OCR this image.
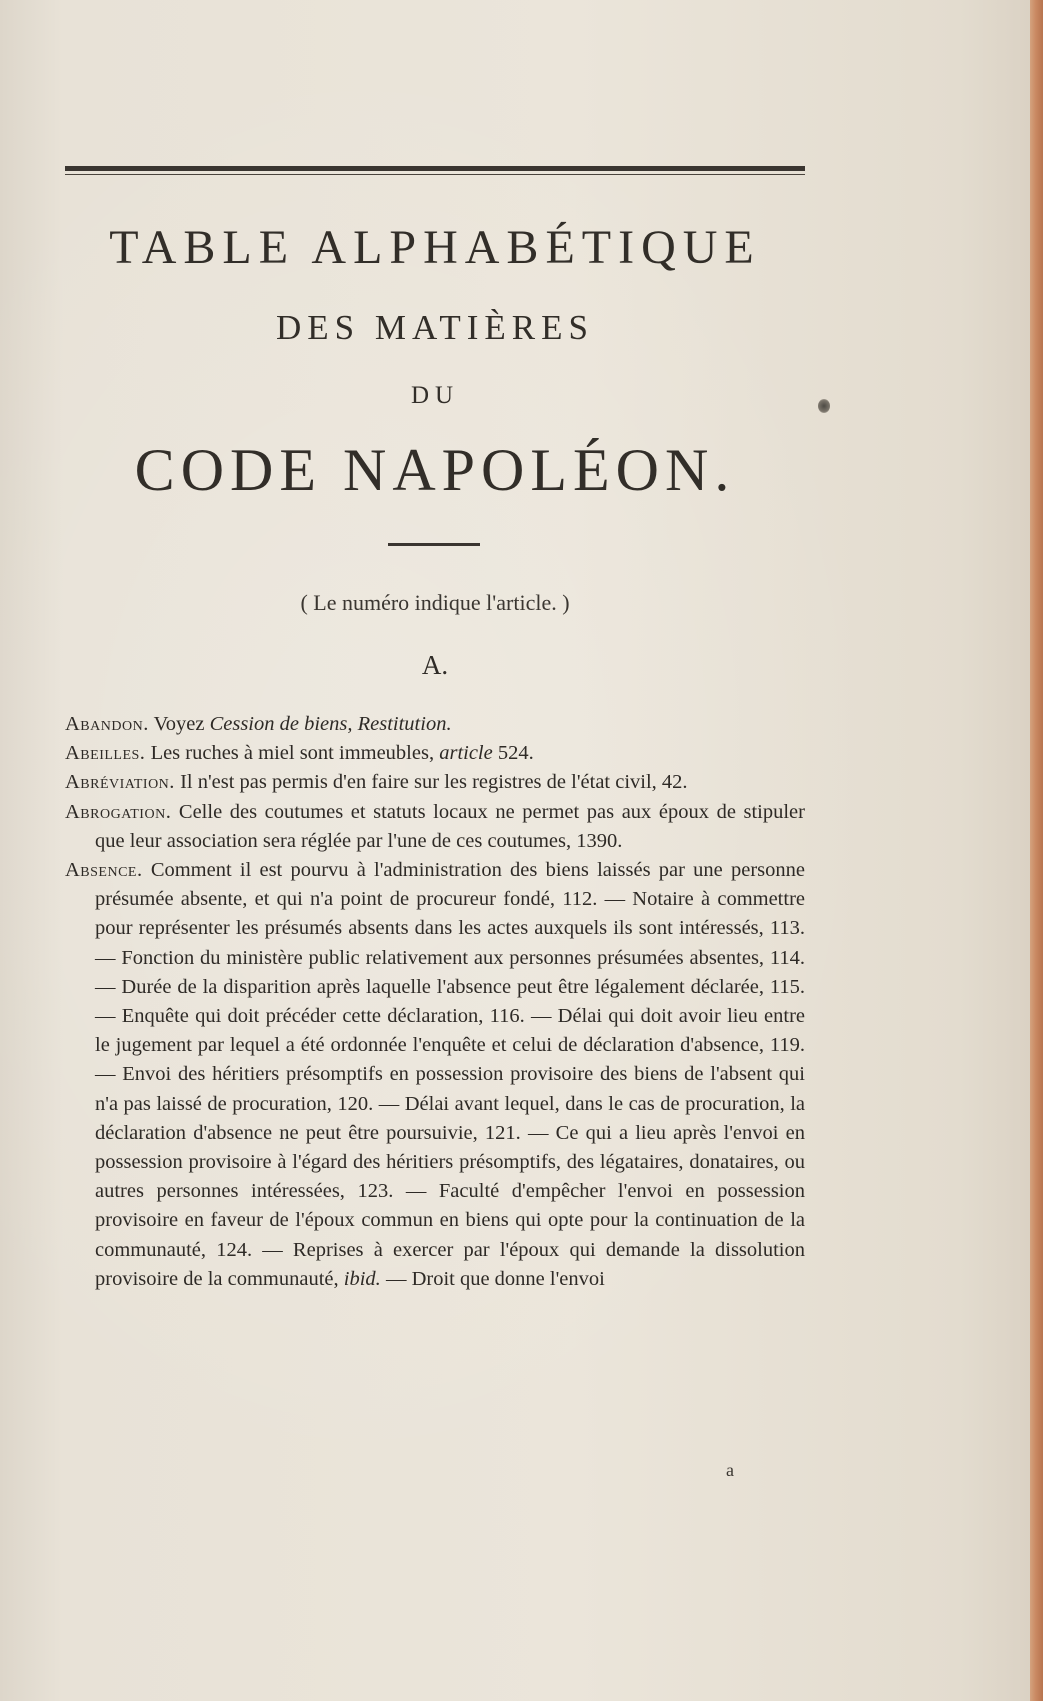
TABLE ALPHABÉTIQUE
DES MATIÈRES
DU
CODE NAPOLÉON.
( Le numéro indique l'article. )
A.

Abandon. Voyez Cession de biens, Restitution.

Abeilles. Les ruches à miel sont immeubles, article 524.

Abréviation. Il n'est pas permis d'en faire sur les registres de l'état civil, 42.

Abrogation. Celle des coutumes et statuts locaux ne permet pas aux époux de stipuler que leur association sera réglée par l'une de ces coutumes, 1390.

Absence. Comment il est pourvu à l'administration des biens laissés par une personne présumée absente, et qui n'a point de procureur fondé, 112. — Notaire à commettre pour représenter les présumés absents dans les actes auxquels ils sont intéressés, 113. — Fonction du ministère public relativement aux personnes présumées absentes, 114. — Durée de la disparition après laquelle l'absence peut être légalement déclarée, 115. — Enquête qui doit précéder cette déclaration, 116. — Délai qui doit avoir lieu entre le jugement par lequel a été ordonnée l'enquête et celui de déclaration d'absence, 119. — Envoi des héritiers présomptifs en possession provisoire des biens de l'absent qui n'a pas laissé de procuration, 120. — Délai avant lequel, dans le cas de procuration, la déclaration d'absence ne peut être poursuivie, 121. — Ce qui a lieu après l'envoi en possession provisoire à l'égard des héritiers présomptifs, des légataires, donataires, ou autres personnes intéressées, 123. — Faculté d'empêcher l'envoi en possession provisoire en faveur de l'époux commun en biens qui opte pour la continuation de la communauté, 124. — Reprises à exercer par l'époux qui demande la dissolution provisoire de la communauté, ibid. — Droit que donne l'envoi

a
